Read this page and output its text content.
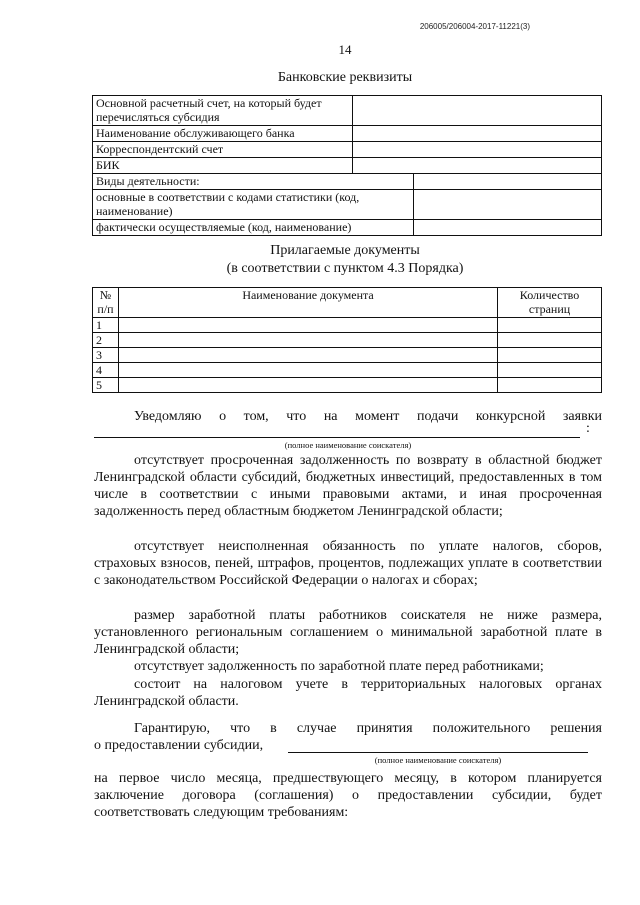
206005/206004-2017-11221(3)
14
Банковские реквизиты
Основной расчетный счет, на который будет перечисляться субсидия		
Наименование обслуживающего банка		
Корреспондентский счет		
БИК		
Виды деятельности:		
основные в соответствии с кодами статистики (код, наименование)		
фактически осуществляемые (код, наименование)		
Прилагаемые документы
(в соответствии с пунктом 4.3 Порядка)
№ п/п	Наименование документа	Количество страниц
1		
2		
3		
4		
5		
Уведомляю о том, что на момент подачи конкурсной заявки
:
(полное наименование соискателя)
отсутствует просроченная задолженность по возврату в областной бюджет Ленинградской области субсидий, бюджетных инвестиций, предоставленных в том числе в соответствии с иными правовыми актами, и иная просроченная задолженность перед областным бюджетом Ленинградской области;
отсутствует неисполненная обязанность по уплате налогов, сборов, страховых взносов, пеней, штрафов, процентов, подлежащих уплате в соответствии с законодательством Российской Федерации о налогах и сборах;
размер заработной платы работников соискателя не ниже размера, установленного региональным соглашением о минимальной заработной плате в Ленинградской области;
отсутствует задолженность по заработной плате перед работниками;
состоит на налоговом учете в территориальных налоговых органах Ленинградской области.
Гарантирую, что в случае принятия положительного решения
о предоставлении субсидии,
(полное наименование соискателя)
на первое число месяца, предшествующего месяцу, в котором планируется заключение договора (соглашения) о предоставлении субсидии, будет соответствовать следующим требованиям:
